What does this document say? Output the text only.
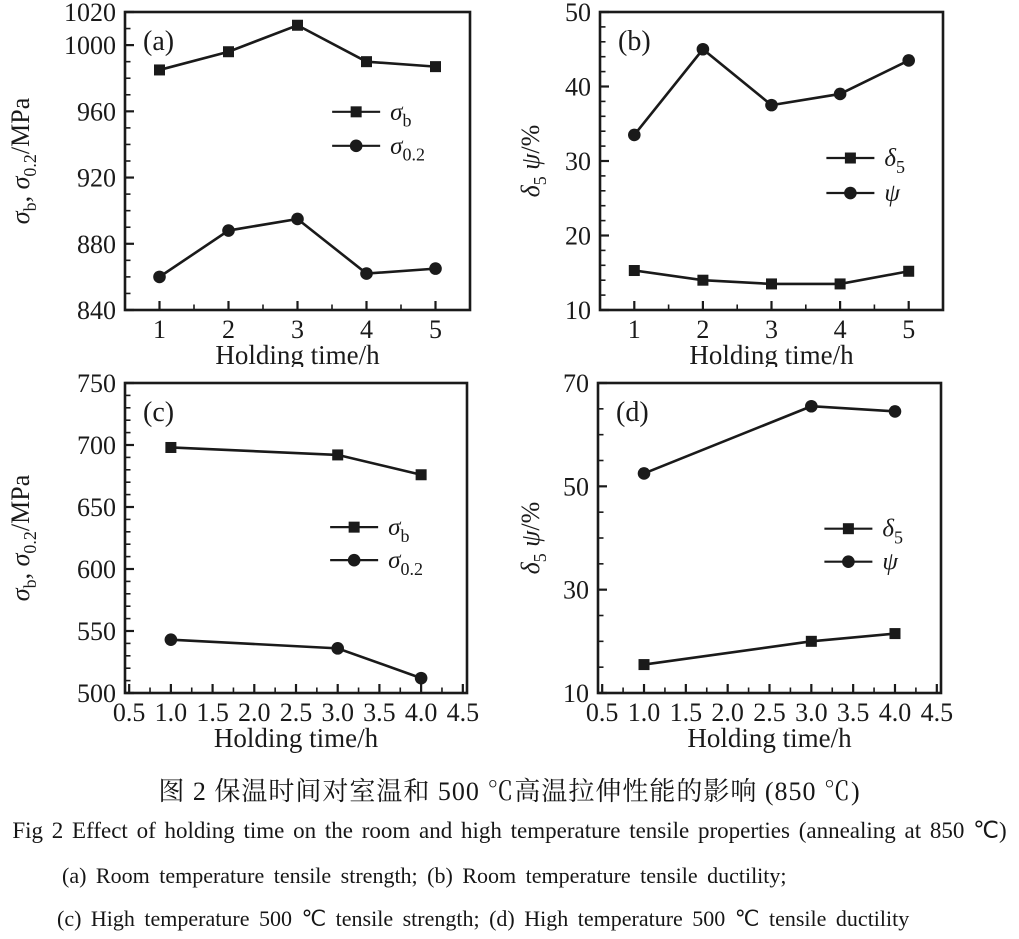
840
880
920
960
1000
1020
1 2 3 4 5
$\sigma_b$
$\sigma_{0.2}$
(a)
Holding time/h
$\sigma_b$, $\sigma_{0.2}$/MPa
10
20
30
40
50
1 2 3 4 5
$\delta_5$
ψ
(b)
Holding time/h
$\delta_5$ ψ/%
500
550
600
650
700
750
0.5 1.0 1.5 2.0 2.5 3.0 3.5 4.0 4.5
$\sigma_b$
$\sigma_{0.2}$
(c)
Holding time/h
$\sigma_b$, $\sigma_{0.2}$/MPa
10
30
50
70
0.5 1.0 1.5 2.0 2.5 3.0 3.5 4.0 4.5
$\delta_5$
ψ
(d)
Holding time/h
$\delta_5$ ψ/%
图 2 保温时间对室温和 500 ℃高温拉伸性能的影响 (850 ℃)
Fig 2 Effect of holding time on the room and high temperature tensile properties (annealing at 850 ℃)
(a) Room temperature tensile strength; (b) Room temperature tensile ductility;
(c) High temperature 500 ℃ tensile strength; (d) High temperature 500 ℃ tensile ductility
